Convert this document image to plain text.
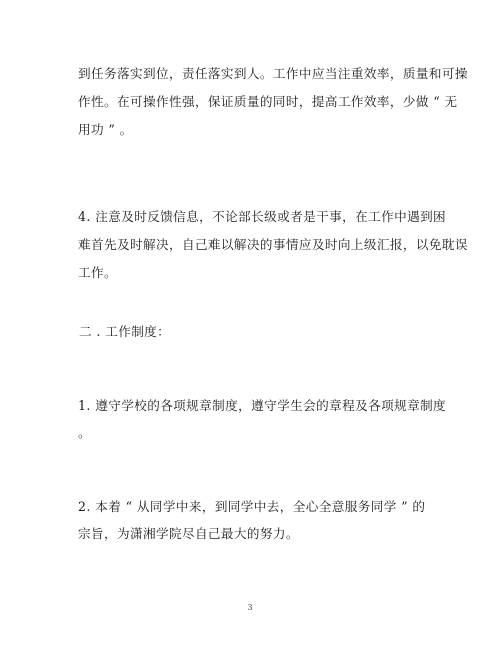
到任务落实到位，责任落实到人。工作中应当注重效率，质量和可操
作性。在可操作性强，保证质量的同时，提高工作效率，少做 “ 无
用功 ” 。
4. 注意及时反馈信息，不论部长级或者是干事，在工作中遇到困
难首先及时解决，自己难以解决的事情应及时向上级汇报，以免耽误
工作。
二 . 工作制度：
1. 遵守学校的各项规章制度，遵守学生会的章程及各项规章制度
。
2. 本着 “ 从同学中来，到同学中去，全心全意服务同学 ” 的
宗旨，为潇湘学院尽自己最大的努力。
3
